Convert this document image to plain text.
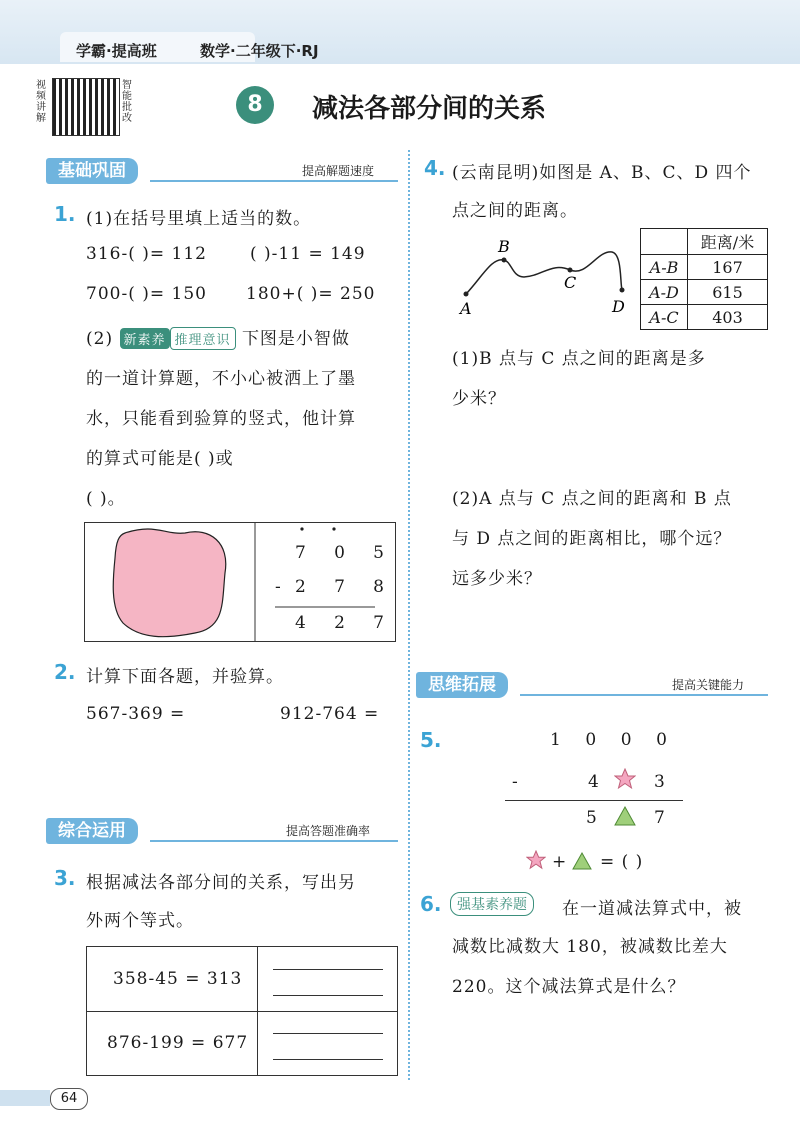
学霸·提高班	数学·二年级下·RJ
视频讲解
智能批改
8	减法各部分间的关系
基础巩固	提高解题速度
1. (1)在括号里填上适当的数。
316-( )= 112	( )-11 = 149
700-( )= 150 180+( )= 250
(2) 新素养 推理意识 下图是小智做
的一道计算题，不小心被洒上了墨
水，只能看到验算的竖式，他计算
的算式可能是( )或
( )。
7 0 5
- 2 7 8
4 2 7
2. 计算下面各题，并验算。
567-369 =	912-764 =
综合运用	提高答题准确率
3. 根据减法各部分间的关系，写出另
外两个等式。
358-45 = 313
876-199 = 677
4. (云南昆明)如图是 A、B、C、D 四个
点之间的距离。
A
B
C
D
	距离/米
A-B	167
A-D	615
A-C	403
(1)B 点与 C 点之间的距离是多
少米？
(2)A 点与 C 点之间的距离和 B 点
与 D 点之间的距离相比，哪个远？
远多少米？
思维拓展	提高关键能力
5.	1 0 0 0
-	4	3
5	7
+ = ( )
6.	强基素养题	在一道减法算式中，被
减数比减数大 180，被减数比差大
220。这个减法算式是什么？
64
